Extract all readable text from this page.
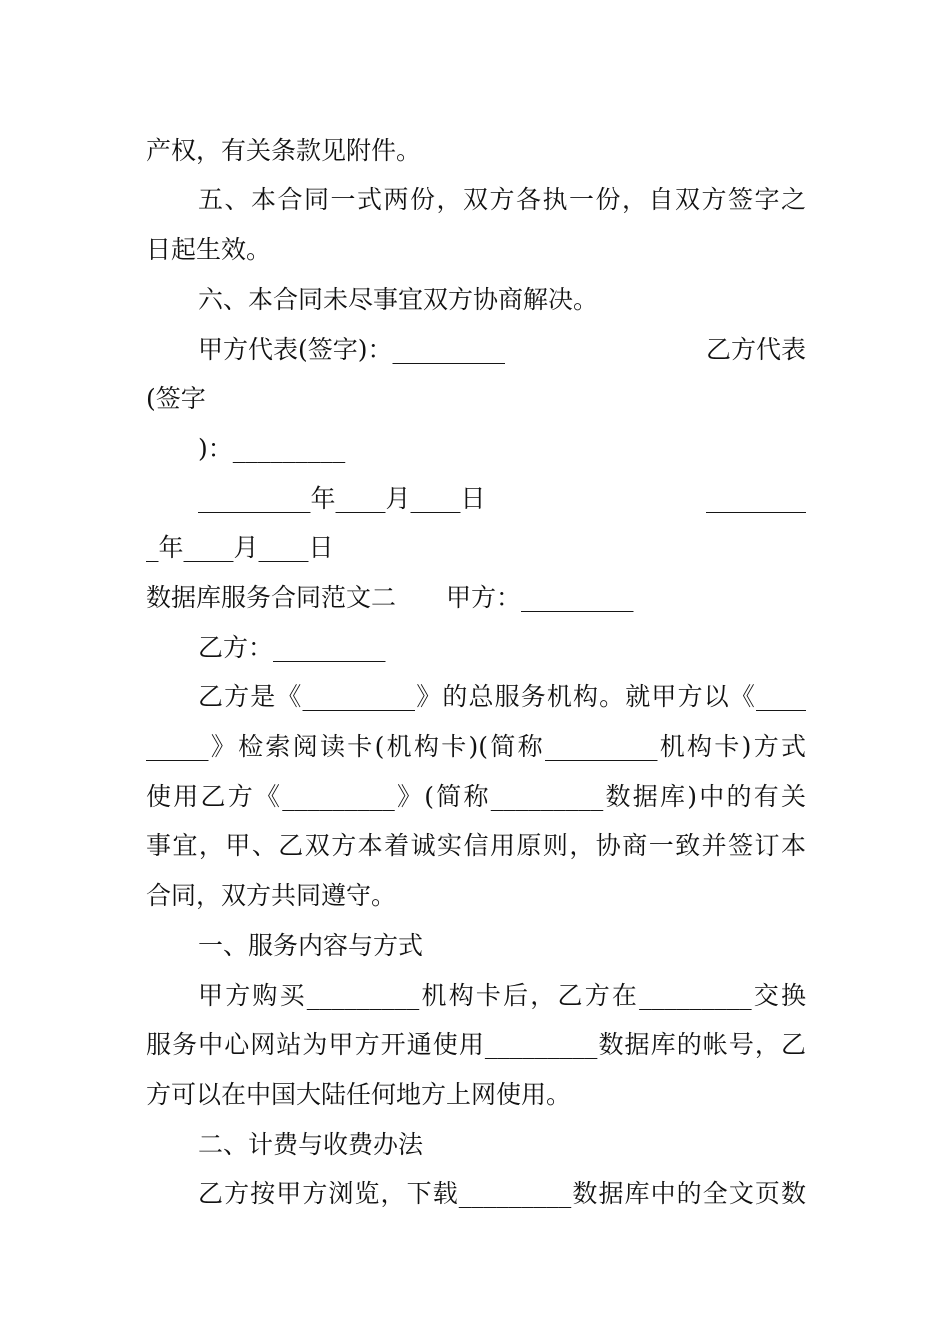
产权，有关条款见附件。

五、本合同一式两份，双方各执一份，自双方签字之

日起生效。

六、本合同未尽事宜双方协商解决。

甲方代表(签字)：_________	乙方代表

(签字

)：_________

_________年____月____日	________

_年____月____日

数据库服务合同范文二　　甲方：_________

乙方：_________

乙方是《_________》的总服务机构。就甲方以《____

_____》检索阅读卡(机构卡)(简称_________机构卡)方式

使用乙方《_________》(简称_________数据库)中的有关

事宜，甲、乙双方本着诚实信用原则，协商一致并签订本

合同，双方共同遵守。

一、服务内容与方式

甲方购买_________机构卡后，乙方在_________交换

服务中心网站为甲方开通使用_________数据库的帐号，乙

方可以在中国大陆任何地方上网使用。

二、计费与收费办法

乙方按甲方浏览，下载_________数据库中的全文页数
